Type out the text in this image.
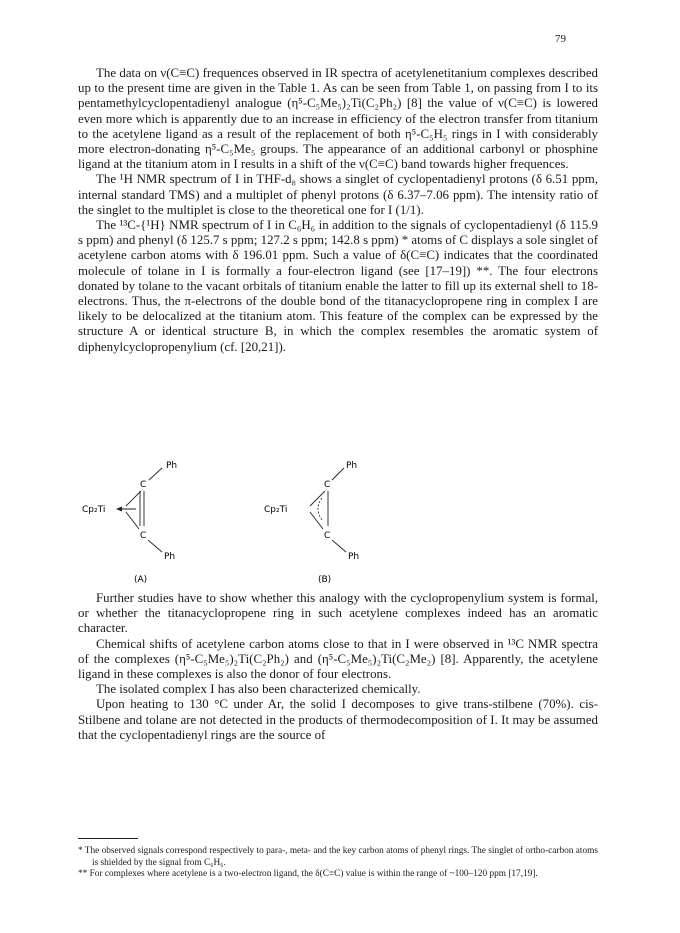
79

The data on ν(C≡C) frequences observed in IR spectra of acetylenetitanium complexes described up to the present time are given in the Table 1. As can be seen from Table 1, on passing from I to its pentamethylcyclopentadienyl analogue (η⁵-C₅Me₅)₂Ti(C₂Ph₂) [8] the value of ν(C≡C) is lowered even more which is apparently due to an increase in efficiency of the electron transfer from titanium to the acetylene ligand as a result of the replacement of both η⁵-C₅H₅ rings in I with considerably more electron-donating η⁵-C₅Me₅ groups. The appearance of an additional carbonyl or phosphine ligand at the titanium atom in I results in a shift of the ν(C≡C) band towards higher frequences.

The ¹H NMR spectrum of I in THF-d₈ shows a singlet of cyclopentadienyl protons (δ 6.51 ppm, internal standard TMS) and a multiplet of phenyl protons (δ 6.37–7.06 ppm). The intensity ratio of the singlet to the multiplet is close to the theoretical one for I (1/1).

The ¹³C-{¹H} NMR spectrum of I in C₆H₆ in addition to the signals of cyclopentadienyl (δ 115.9 s ppm) and phenyl (δ 125.7 s ppm; 127.2 s ppm; 142.8 s ppm) * atoms of C displays a sole singlet of acetylene carbon atoms with δ 196.01 ppm. Such a value of δ(C≡C) indicates that the coordinated molecule of tolane in I is formally a four-electron ligand (see [17–19]) **. The four electrons donated by tolane to the vacant orbitals of titanium enable the latter to fill up its external shell to 18-electrons. Thus, the π-electrons of the double bond of the titanacyclopropene ring in complex I are likely to be delocalized at the titanium atom. This feature of the complex can be expressed by the structure A or identical structure B, in which the complex resembles the aromatic system of diphenylcyclopropenylium (cf. [20,21]).

Ph
C
Cp₂Ti
C
Ph
(A)
Ph
C
Cp₂Ti
C
Ph
(B)

Further studies have to show whether this analogy with the cyclopropenylium system is formal, or whether the titanacyclopropene ring in such acetylene complexes indeed has an aromatic character.

Chemical shifts of acetylene carbon atoms close to that in I were observed in ¹³C NMR spectra of the complexes (η⁵-C₅Me₅)₂Ti(C₂Ph₂) and (η⁵-C₅Me₅)₂Ti(C₂Me₂) [8]. Apparently, the acetylene ligand in these complexes is also the donor of four electrons.

The isolated complex I has also been characterized chemically.

Upon heating to 130 °C under Ar, the solid I decomposes to give trans-stilbene (70%). cis-Stilbene and tolane are not detected in the products of thermodecomposition of I. It may be assumed that the cyclopentadienyl rings are the source of

* The observed signals correspond respectively to para-, meta- and the key carbon atoms of phenyl rings. The singlet of ortho-carbon atoms is shielded by the signal from C₆H₆.
** For complexes where acetylene is a two-electron ligand, the δ(C≡C) value is within the range of ~100–120 ppm [17,19].
